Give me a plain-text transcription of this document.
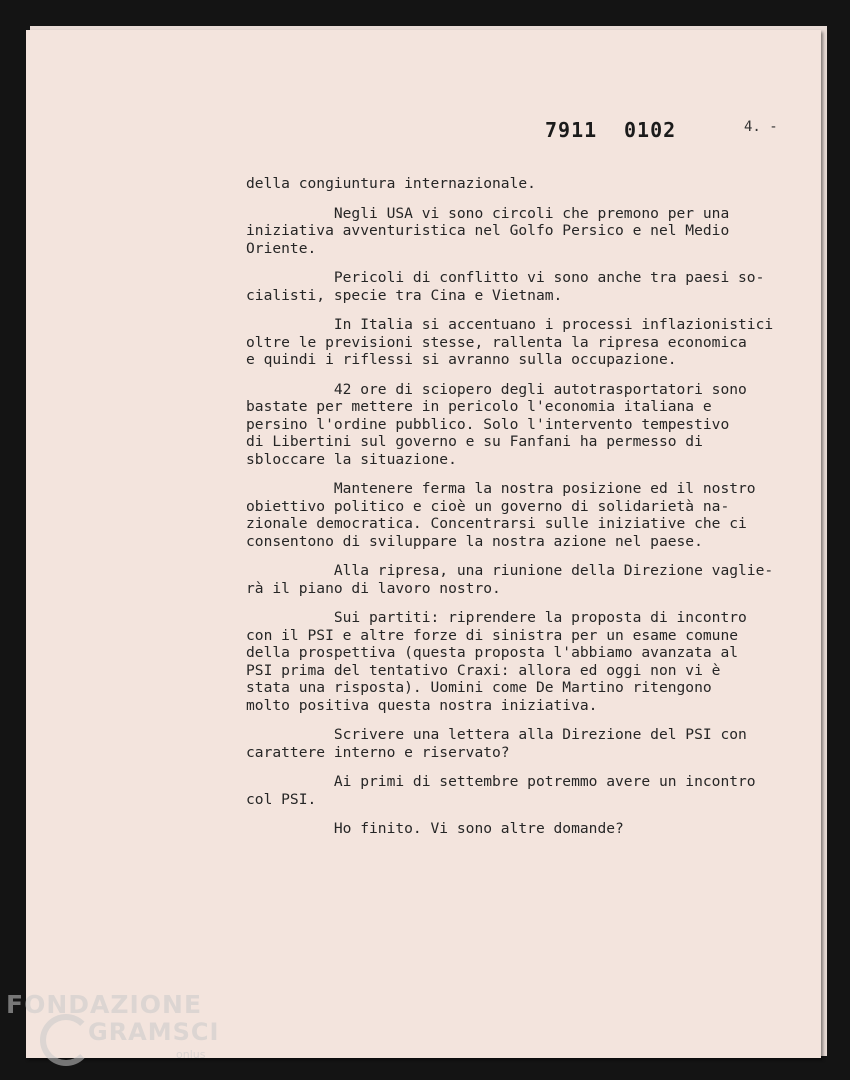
7911 0102	4. -
della congiuntura internazionale.
Negli USA vi sono circoli che premono per una
iniziativa avventuristica nel Golfo Persico e nel Medio
Oriente.
Pericoli di conflitto vi sono anche tra paesi so-
cialisti, specie tra Cina e Vietnam.
In Italia si accentuano i processi inflazionistici
oltre le previsioni stesse, rallenta la ripresa economica
e quindi i riflessi si avranno sulla occupazione.
42 ore di sciopero degli autotrasportatori sono
bastate per mettere in pericolo l'economia italiana e
persino l'ordine pubblico. Solo l'intervento tempestivo
di Libertini sul governo e su Fanfani ha permesso di
sbloccare la situazione.
Mantenere ferma la nostra posizione ed il nostro
obiettivo politico e cioè un governo di solidarietà na-
zionale democratica. Concentrarsi sulle iniziative che ci
consentono di sviluppare la nostra azione nel paese.
Alla ripresa, una riunione della Direzione vaglie-
rà il piano di lavoro nostro.
Sui partiti: riprendere la proposta di incontro
con il PSI e altre forze di sinistra per un esame comune
della prospettiva (questa proposta l'abbiamo avanzata al
PSI prima del tentativo Craxi: allora ed oggi non vi è
stata una risposta). Uomini come De Martino ritengono
molto positiva questa nostra iniziativa.
Scrivere una lettera alla Direzione del PSI con
carattere interno e riservato?
Ai primi di settembre potremmo avere un incontro
col PSI.
Ho finito. Vi sono altre domande?
FONDAZIONE
GRAMSCI
onlus
